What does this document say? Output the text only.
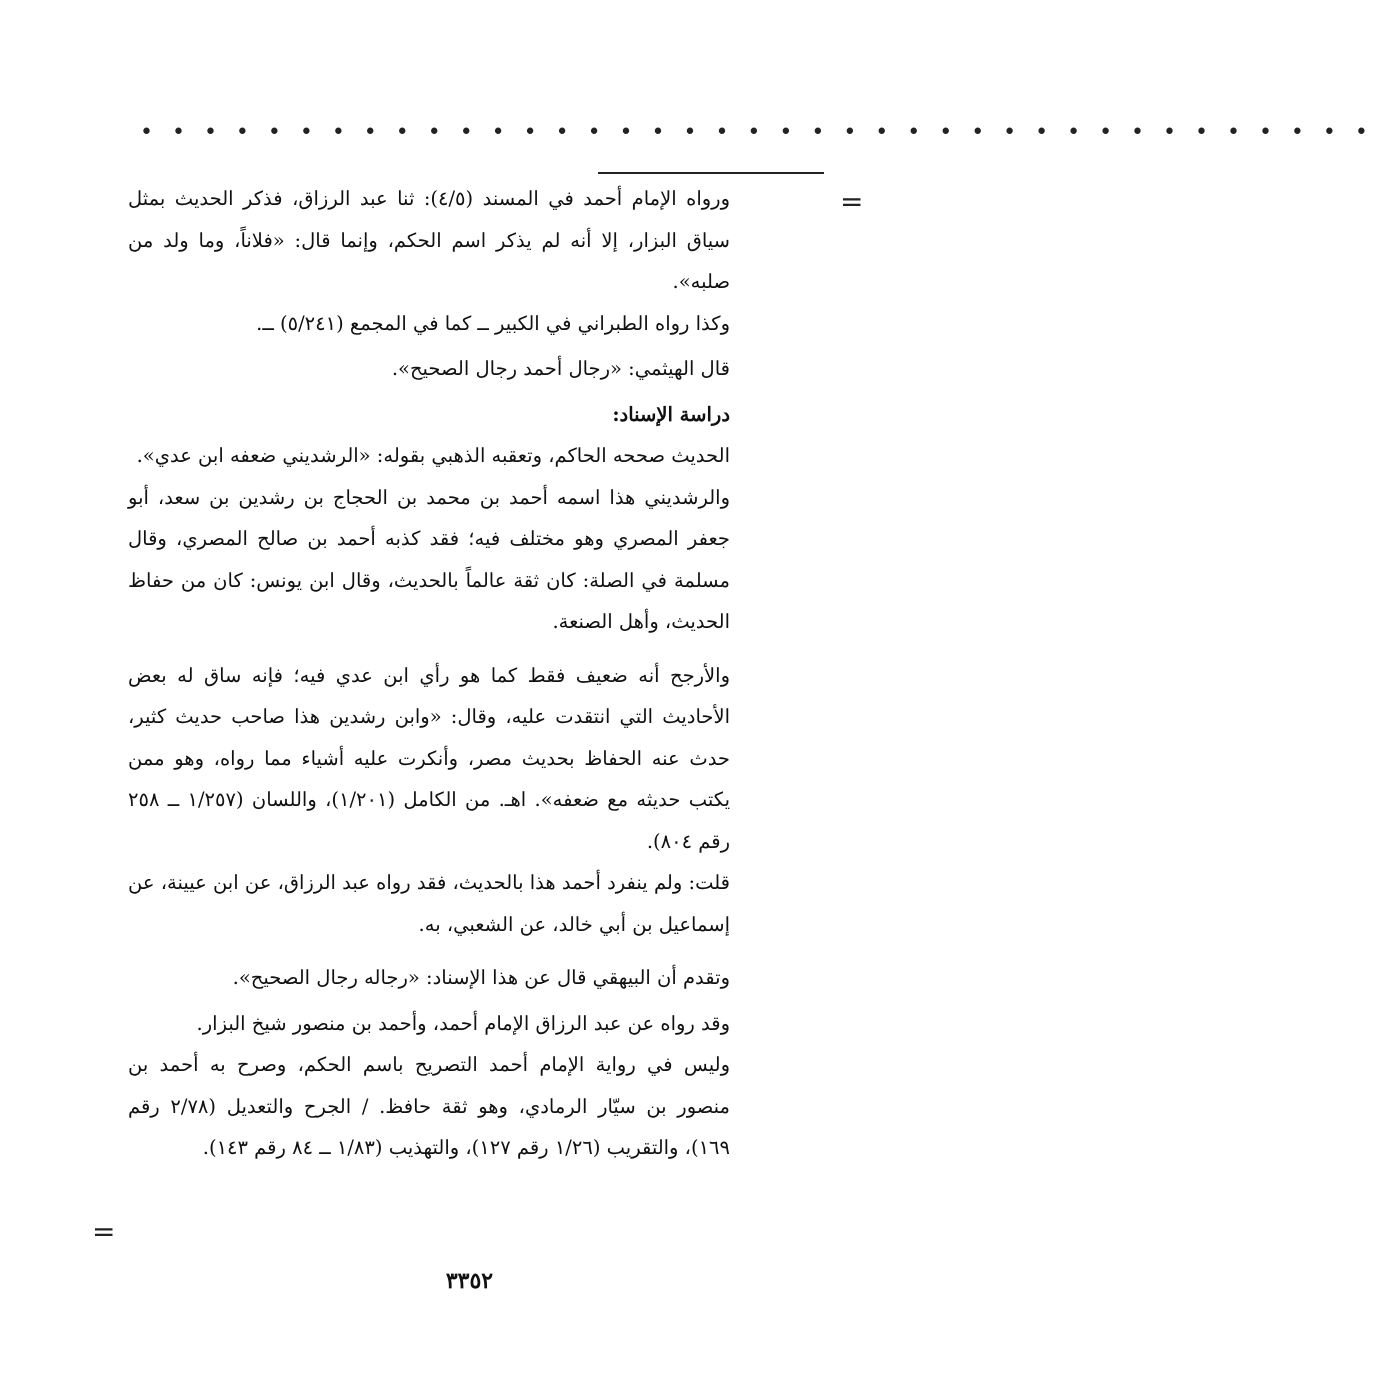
• • • • • • • • • • • • • • • • • • • • • • • • • • • • • • • • • • • • • • •
=

ورواه الإمام أحمد في المسند (٤/٥): ثنا عبد الرزاق، فذكر الحديث بمثل سياق البزار، إلا أنه لم يذكر اسم الحكم، وإنما قال: «فلاناً، وما ولد من صلبه».

وكذا رواه الطبراني في الكبير ــ كما في المجمع (٥/٢٤١) ــ.

قال الهيثمي: «رجال أحمد رجال الصحيح».

دراسة الإسناد:

الحديث صححه الحاكم، وتعقبه الذهبي بقوله: «الرشديني ضعفه ابن عدي».

والرشديني هذا اسمه أحمد بن محمد بن الحجاج بن رشدين بن سعد، أبو جعفر المصري وهو مختلف فيه؛ فقد كذبه أحمد بن صالح المصري، وقال مسلمة في الصلة: كان ثقة عالماً بالحديث، وقال ابن يونس: كان من حفاظ الحديث، وأهل الصنعة.

والأرجح أنه ضعيف فقط كما هو رأي ابن عدي فيه؛ فإنه ساق له بعض الأحاديث التي انتقدت عليه، وقال: «وابن رشدين هذا صاحب حديث كثير، حدث عنه الحفاظ بحديث مصر، وأنكرت عليه أشياء مما رواه، وهو ممن يكتب حديثه مع ضعفه». اهـ. من الكامل (١/٢٠١)، واللسان (١/٢٥٧ ــ ٢٥٨ رقم ٨٠٤).

قلت: ولم ينفرد أحمد هذا بالحديث، فقد رواه عبد الرزاق، عن ابن عيينة، عن إسماعيل بن أبي خالد، عن الشعبي، به.

وتقدم أن البيهقي قال عن هذا الإسناد: «رجاله رجال الصحيح».

وقد رواه عن عبد الرزاق الإمام أحمد، وأحمد بن منصور شيخ البزار.

وليس في رواية الإمام أحمد التصريح باسم الحكم، وصرح به أحمد بن منصور بن سيّار الرمادي، وهو ثقة حافظ. / الجرح والتعديل (٢/٧٨ رقم ١٦٩)، والتقريب (١/٢٦ رقم ١٢٧)، والتهذيب (١/٨٣ ــ ٨٤ رقم ١٤٣).

=
٣٣٥٢
